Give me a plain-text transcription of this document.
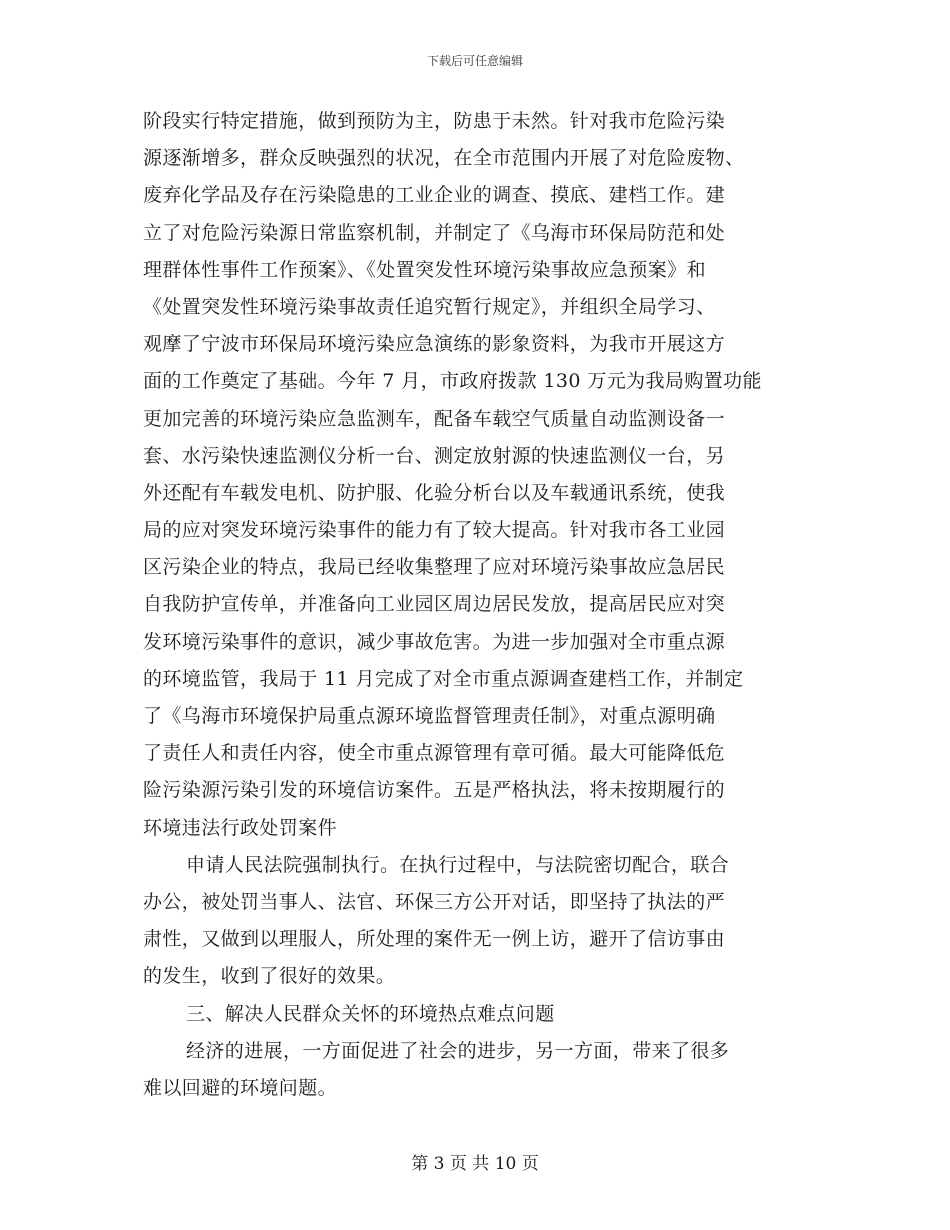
下载后可任意编辑
阶段实行特定措施，做到预防为主，防患于未然。针对我市危险污染
源逐渐增多，群众反映强烈的状况，在全市范围内开展了对危险废物、
废弃化学品及存在污染隐患的工业企业的调查、摸底、建档工作。建
立了对危险污染源日常监察机制，并制定了《乌海市环保局防范和处
理群体性事件工作预案》、《处置突发性环境污染事故应急预案》和
《处置突发性环境污染事故责任追究暂行规定》，并组织全局学习、
观摩了宁波市环保局环境污染应急演练的影象资料，为我市开展这方
面的工作奠定了基础。今年 7 月，市政府拨款 130 万元为我局购置功能
更加完善的环境污染应急监测车，配备车载空气质量自动监测设备一
套、水污染快速监测仪分析一台、测定放射源的快速监测仪一台，另
外还配有车载发电机、防护服、化验分析台以及车载通讯系统，使我
局的应对突发环境污染事件的能力有了较大提高。针对我市各工业园
区污染企业的特点，我局已经收集整理了应对环境污染事故应急居民
自我防护宣传单，并准备向工业园区周边居民发放，提高居民应对突
发环境污染事件的意识，减少事故危害。为进一步加强对全市重点源
的环境监管，我局于 11 月完成了对全市重点源调查建档工作，并制定
了《乌海市环境保护局重点源环境监督管理责任制》，对重点源明确
了责任人和责任内容，使全市重点源管理有章可循。最大可能降低危
险污染源污染引发的环境信访案件。五是严格执法，将未按期履行的
环境违法行政处罚案件
申请人民法院强制执行。在执行过程中，与法院密切配合，联合
办公，被处罚当事人、法官、环保三方公开对话，即坚持了执法的严
肃性，又做到以理服人，所处理的案件无一例上访，避开了信访事由
的发生，收到了很好的效果。
三、解决人民群众关怀的环境热点难点问题
经济的进展，一方面促进了社会的进步，另一方面，带来了很多
难以回避的环境问题。
第 3 页 共 10 页
